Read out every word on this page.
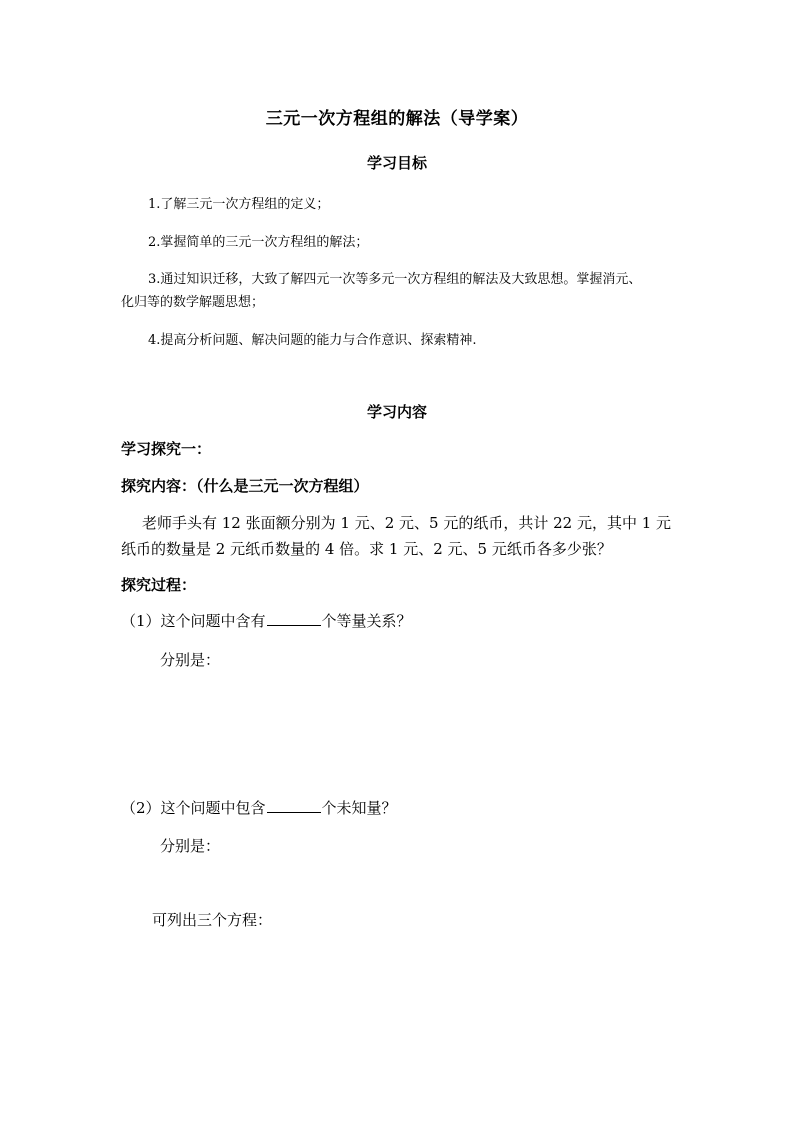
三元一次方程组的解法（导学案）
学习目标
1.了解三元一次方程组的定义；
2.掌握简单的三元一次方程组的解法；
3.通过知识迁移，大致了解四元一次等多元一次方程组的解法及大致思想。掌握消元、
化归等的数学解题思想；
4.提高分析问题、解决问题的能力与合作意识、探索精神.
学习内容
学习探究一：
探究内容：（什么是三元一次方程组）
老师手头有 12 张面额分别为 1 元、2 元、5 元的纸币，共计 22 元，其中 1 元
纸币的数量是 2 元纸币数量的 4 倍。求 1 元、2 元、5 元纸币各多少张？
探究过程：
（1）这个问题中含有	个等量关系？
分别是：
（2）这个问题中包含	个未知量？
分别是：
可列出三个方程：
